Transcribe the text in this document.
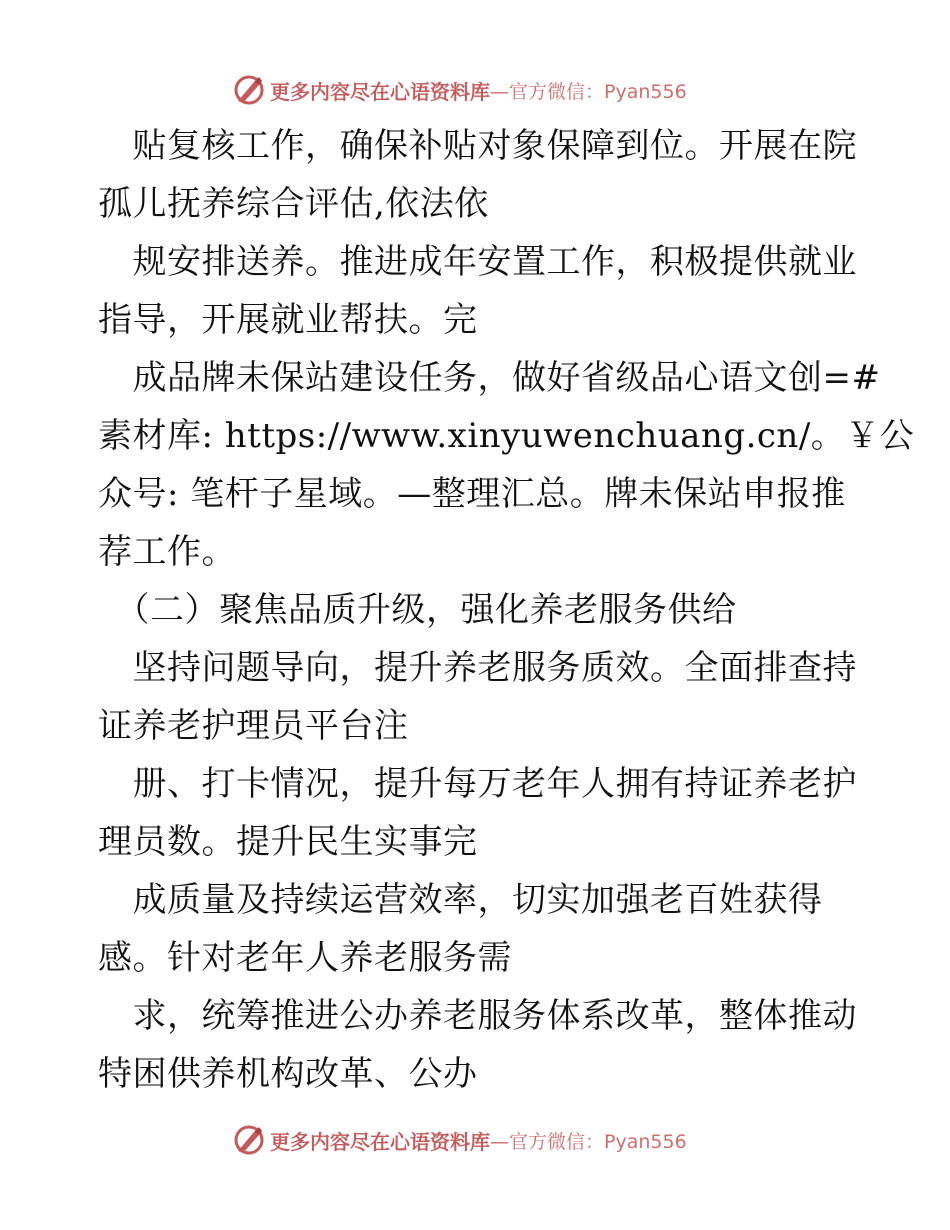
更多内容尽在心语资料库 —官方微信：Pyan556
　贴复核工作，确保补贴对象保障到位。开展在院
孤儿抚养综合评估,依法依
　规安排送养。推进成年安置工作，积极提供就业
指导，开展就业帮扶。完
　成品牌未保站建设任务，做好省级品心语文创=#
素材库: https://www.xinyuwenchuang.cn/。￥公
众号: 笔杆子星域。—整理汇总。牌未保站申报推
荐工作。
　（二）聚焦品质升级，强化养老服务供给
　坚持问题导向，提升养老服务质效。全面排查持
证养老护理员平台注
　册、打卡情况，提升每万老年人拥有持证养老护
理员数。提升民生实事完
　成质量及持续运营效率，切实加强老百姓获得
感。针对老年人养老服务需
　求，统筹推进公办养老服务体系改革，整体推动
特困供养机构改革、公办
更多内容尽在心语资料库 —官方微信：Pyan556
